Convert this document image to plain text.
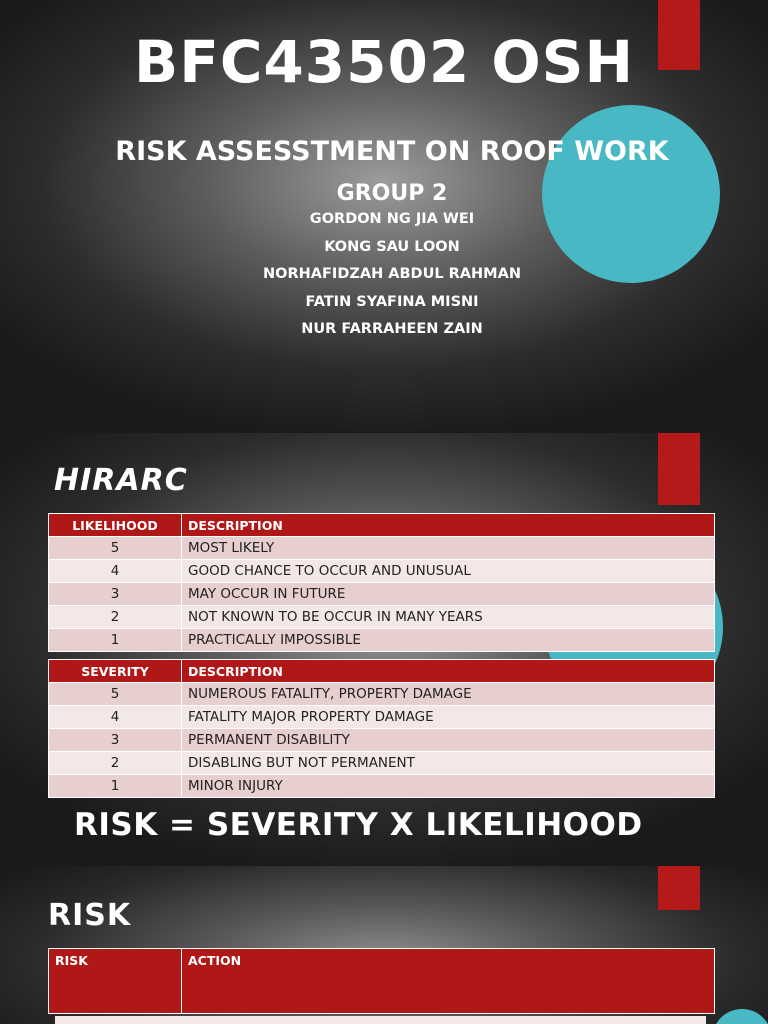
BFC43502 OSH
RISK ASSESSTMENT ON ROOF WORK
GROUP 2
GORDON NG JIA WEI
KONG SAU LOON
NORHAFIDZAH ABDUL RAHMAN
FATIN SYAFINA MISNI
NUR FARRAHEEN ZAIN
HIRARC
LIKELIHOOD	DESCRIPTION
5	MOST LIKELY
4	GOOD CHANCE TO OCCUR AND UNUSUAL
3	MAY OCCUR IN FUTURE
2	NOT KNOWN TO BE OCCUR IN MANY YEARS
1	PRACTICALLY IMPOSSIBLE
SEVERITY	DESCRIPTION
5	NUMEROUS FATALITY, PROPERTY DAMAGE
4	FATALITY MAJOR PROPERTY DAMAGE
3	PERMANENT DISABILITY
2	DISABLING BUT NOT PERMANENT
1	MINOR INJURY
RISK = SEVERITY X LIKELIHOOD
RISK
RISK	ACTION
